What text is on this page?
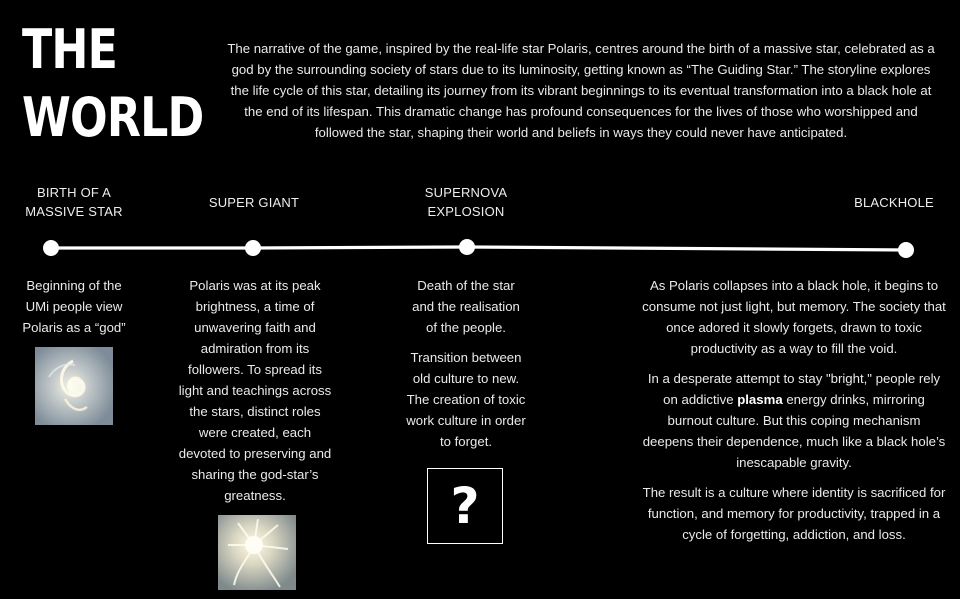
THE
WORLD
The narrative of the game, inspired by the real-life star Polaris, centres around the birth of a massive star, celebrated as a god by the surrounding society of stars due to its luminosity, getting known as “The Guiding Star.” The storyline explores the life cycle of this star, detailing its journey from its vibrant beginnings to its eventual transformation into a black hole at the end of its lifespan. This dramatic change has profound consequences for the lives of those who worshipped and followed the star, shaping their world and beliefs in ways they could never have anticipated.
BIRTH OF A
MASSIVE STAR
SUPER GIANT
SUPERNOVA
EXPLOSION
BLACKHOLE

Beginning of the UMi people view Polaris as a “god”

Polaris was at its peak brightness, a time of unwavering faith and admiration from its followers. To spread its light and teachings across the stars, distinct roles were created, each devoted to preserving and sharing the god-star’s greatness.

Death of the star and the realisation of the people.

Transition between old culture to new. The creation of toxic work culture in order to forget.

?

As Polaris collapses into a black hole, it begins to consume not just light, but memory. The society that once adored it slowly forgets, drawn to toxic productivity as a way to fill the void.

In a desperate attempt to stay "bright," people rely on addictive plasma energy drinks, mirroring burnout culture. But this coping mechanism deepens their dependence, much like a black hole’s inescapable gravity.

The result is a culture where identity is sacrificed for function, and memory for productivity, trapped in a cycle of forgetting, addiction, and loss.
